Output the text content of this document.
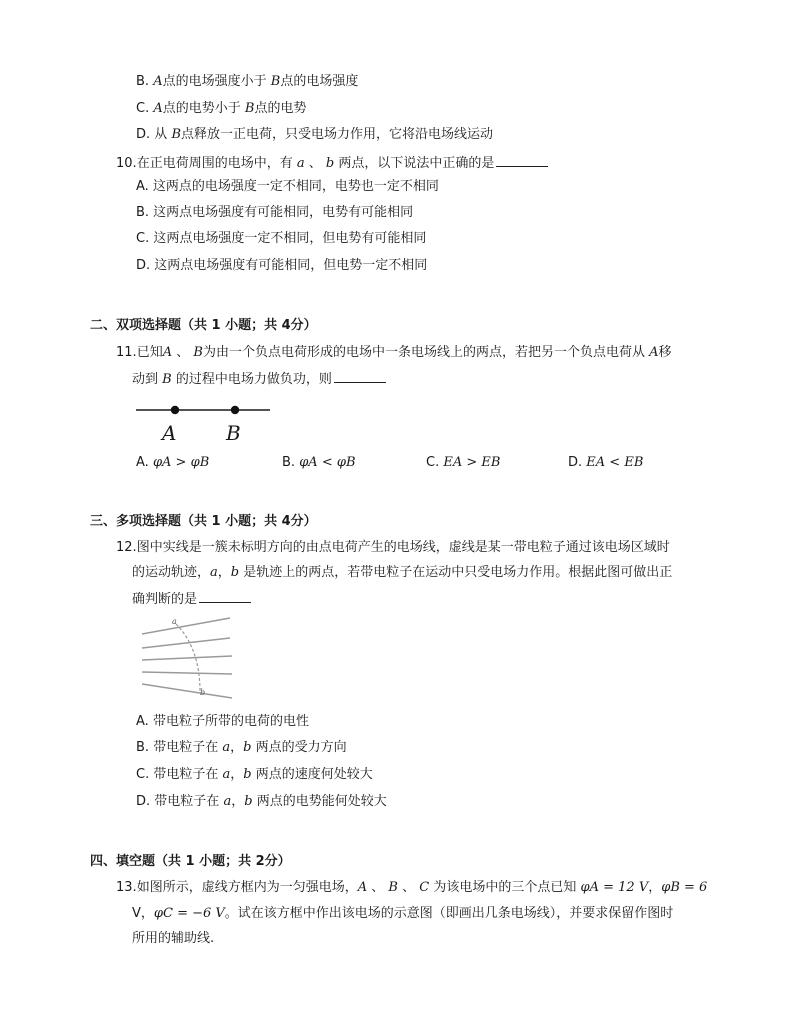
B. A点的电场强度小于 B点的电场强度
C. A点的电势小于 B点的电势
D. 从 B点释放一正电荷，只受电场力作用，它将沿电场线运动
10.在正电荷周围的电场中，有 a 、 b 两点，以下说法中正确的是
A. 这两点的电场强度一定不相同，电势也一定不相同
B. 这两点电场强度有可能相同，电势有可能相同
C. 这两点电场强度一定不相同，但电势有可能相同
D. 这两点电场强度有可能相同，但电势一定不相同
二、双项选择题（共 1 小题；共 4分）
11.已知A 、 B为由一个负点电荷形成的电场中一条电场线上的两点，若把另一个负点电荷从 A移
动到 B 的过程中电场力做负功，则
A B
A. φA > φB	B. φA < φB	C. EA > EB	D. EA < EB
三、多项选择题（共 1 小题；共 4分）
12.图中实线是一簇未标明方向的由点电荷产生的电场线，虚线是某一带电粒子通过该电场区域时
的运动轨迹，a，b 是轨迹上的两点，若带电粒子在运动中只受电场力作用。根据此图可做出正
确判断的是
a
b
A. 带电粒子所带的电荷的电性
B. 带电粒子在 a，b 两点的受力方向
C. 带电粒子在 a，b 两点的速度何处较大
D. 带电粒子在 a，b 两点的电势能何处较大
四、填空题（共 1 小题；共 2分）
13.如图所示，虚线方框内为一匀强电场，A 、 B 、 C 为该电场中的三个点已知 φA = 12 V，φB = 6
V，φC = −6 V。试在该方框中作出该电场的示意图（即画出几条电场线），并要求保留作图时
所用的辅助线.
